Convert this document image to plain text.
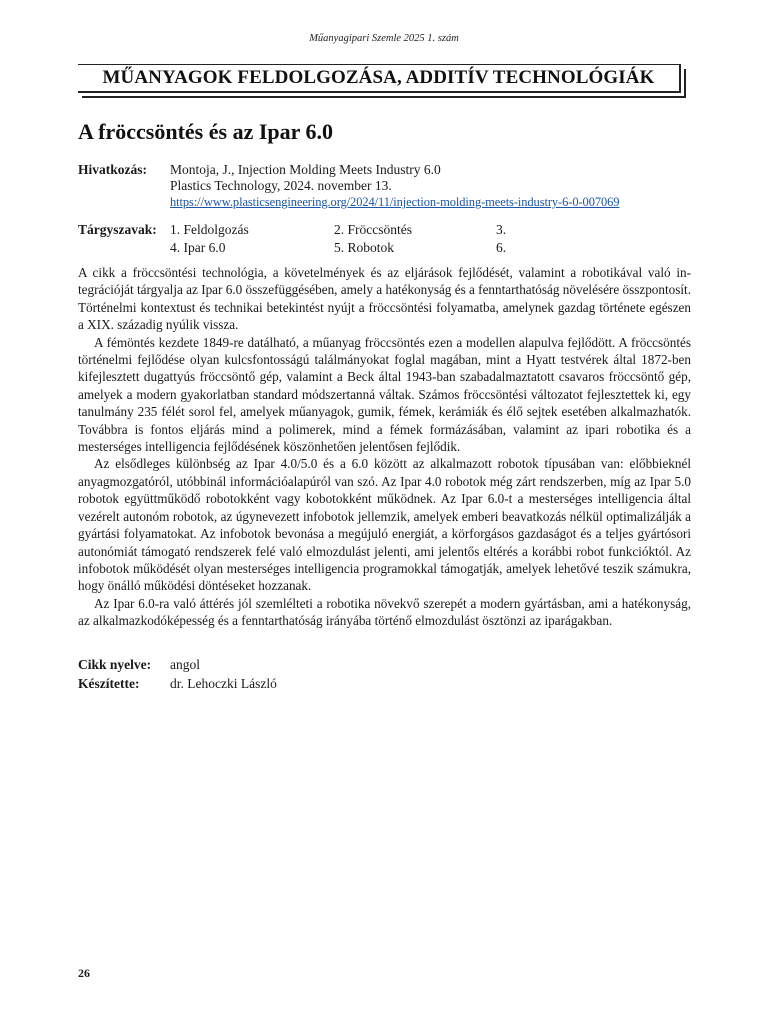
Műanyagipari Szemle 2025 1. szám
MŰANYAGOK FELDOLGOZÁSA, ADDITÍV TECHNOLÓGIÁK
A fröccsöntés és az Ipar 6.0
Hivatkozás: Montoja, J., Injection Molding Meets Industry 6.0
Plastics Technology, 2024. november 13.
https://www.plasticsengineering.org/2024/11/injection-molding-meets-industry-6-0-007069
Tárgyszavak: 1. Feldolgozás	2. Fröccsöntés	3.
4. Ipar 6.0	5. Robotok	6.

A cikk a fröccsöntési technológia, a követelmények és az eljárások fejlődését, valamint a robotikával való integrációját tárgyalja az Ipar 6.0 összefüggésében, amely a hatékonyság és a fenntarthatóság növelésére összpontosít. Történelmi kontextust és technikai betekintést nyújt a fröccsöntési folyamatba, amelynek gazdag története egészen a XIX. századig nyúlik vissza.

A fémöntés kezdete 1849-re datálható, a műanyag fröccsöntés ezen a modellen alapulva fejlődött. A fröccsöntés történelmi fejlődése olyan kulcsfontosságú találmányokat foglal magában, mint a Hyatt testvérek által 1872-ben kifejlesztett dugattyús fröccsöntő gép, valamint a Beck által 1943-ban szabadalmaztatott csavaros fröccsöntő gép, amelyek a modern gyakorlatban standard módszertanná váltak. Számos fröccsöntési változatot fejlesztettek ki, egy tanulmány 235 félét sorol fel, amelyek műanyagok, gumik, fémek, kerámiák és élő sejtek esetében alkalmazhatók. Továbbra is fontos eljárás mind a polimerek, mind a fémek formázásában, valamint az ipari robotika és a mesterséges intelligencia fejlődésének köszönhetően jelentősen fejlődik.

Az elsődleges különbség az Ipar 4.0/5.0 és a 6.0 között az alkalmazott robotok típusában van: előbbieknél anyagmozgatóról, utóbbinál információalapúról van szó. Az Ipar 4.0 robotok még zárt rendszerben, míg az Ipar 5.0 robotok együttműködő robotokként vagy kobotokként működnek. Az Ipar 6.0-t a mesterséges intelligencia által vezérelt autonóm robotok, az úgynevezett infobotok jellemzik, amelyek emberi beavatkozás nélkül optimalizálják a gyártási folyamatokat. Az infobotok bevonása a megújuló energiát, a körforgásos gazdaságot és a teljes gyártósori autonómiát támogató rendszerek felé való elmozdulást jelenti, ami jelentős eltérés a korábbi robot funkcióktól. Az infobotok működését olyan mesterséges intelligencia programokkal támogatják, amelyek lehetővé teszik számukra, hogy önálló működési döntéseket hozzanak.

Az Ipar 6.0-ra való áttérés jól szemlélteti a robotika növekvő szerepét a modern gyártásban, ami a hatékonyság, az alkalmazkodóképesség és a fenntarthatóság irányába történő elmozdulást ösztönzi az iparágakban.

Cikk nyelve: angol
Készítette: dr. Lehoczki László
26
